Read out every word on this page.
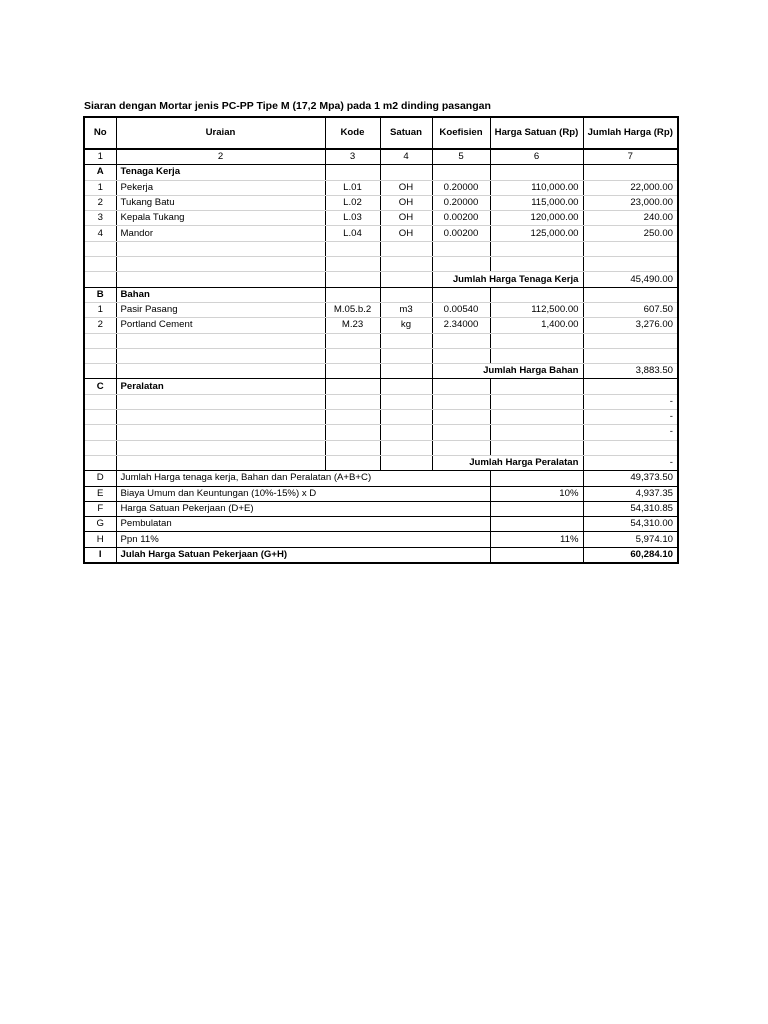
Siaran dengan Mortar jenis PC-PP Tipe M (17,2 Mpa) pada 1 m2 dinding pasangan
No	Uraian	Kode	Satuan	Koefisien	Harga Satuan (Rp)	Jumlah Harga (Rp)
1	2	3	4	5	6	7
A	Tenaga Kerja					
1	Pekerja	L.01	OH	0.20000	110,000.00	22,000.00
2	Tukang Batu	L.02	OH	0.20000	115,000.00	23,000.00
3	Kepala Tukang	L.03	OH	0.00200	120,000.00	240.00
4	Mandor	L.04	OH	0.00200	125,000.00	250.00

				Jumlah Harga Tenaga Kerja		45,490.00
B	Bahan					
1	Pasir Pasang	M.05.b.2	m3	0.00540	112,500.00	607.50
2	Portland Cement	M.23	kg	2.34000	1,400.00	3,276.00

				Jumlah Harga Bahan		3,883.50
C	Peralatan					
						-
						-
						-

				Jumlah Harga Peralatan		-
D	Jumlah Harga tenaga kerja, Bahan dan Peralatan (A+B+C)					49,373.50
E	Biaya Umum dan Keuntungan (10%-15%) x D				10%	4,937.35
F	Harga Satuan Pekerjaan (D+E)					54,310.85
G	Pembulatan					54,310.00
H	Ppn 11%				11%	5,974.10
I	Julah Harga Satuan Pekerjaan (G+H)					60,284.10
